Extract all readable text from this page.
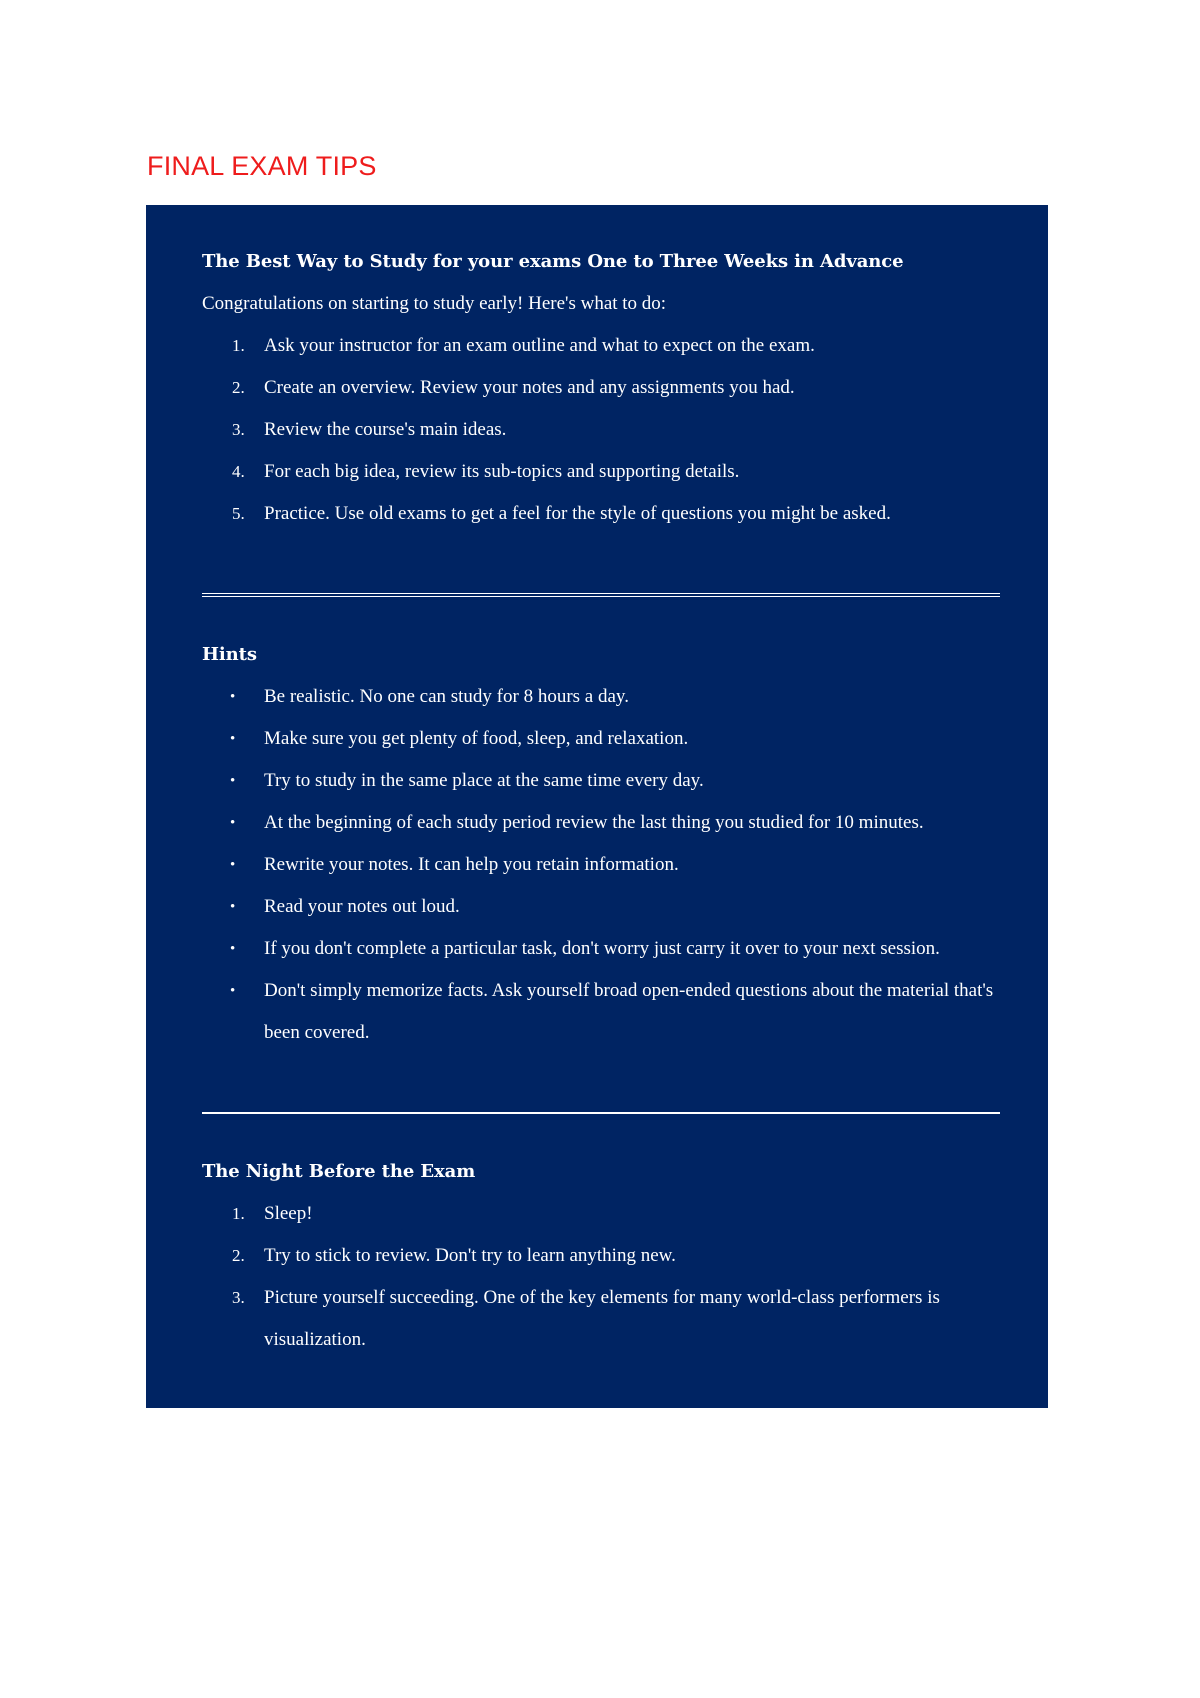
FINAL EXAM TIPS
The Best Way to Study for your exams One to Three Weeks in Advance

Congratulations on starting to study early! Here's what to do:

1. Ask your instructor for an exam outline and what to expect on the exam.
2. Create an overview. Review your notes and any assignments you had.
3. Review the course's main ideas.
4. For each big idea, review its sub-topics and supporting details.
5. Practice. Use old exams to get a feel for the style of questions you might be asked.
Hints
• Be realistic. No one can study for 8 hours a day.
• Make sure you get plenty of food, sleep, and relaxation.
• Try to study in the same place at the same time every day.
• At the beginning of each study period review the last thing you studied for 10 minutes.
• Rewrite your notes. It can help you retain information.
• Read your notes out loud.
• If you don't complete a particular task, don't worry just carry it over to your next session.
• Don't simply memorize facts. Ask yourself broad open-ended questions about the material that's been covered.
The Night Before the Exam
1. Sleep!
2. Try to stick to review. Don't try to learn anything new.
3. Picture yourself succeeding. One of the key elements for many world-class performers is visualization.
